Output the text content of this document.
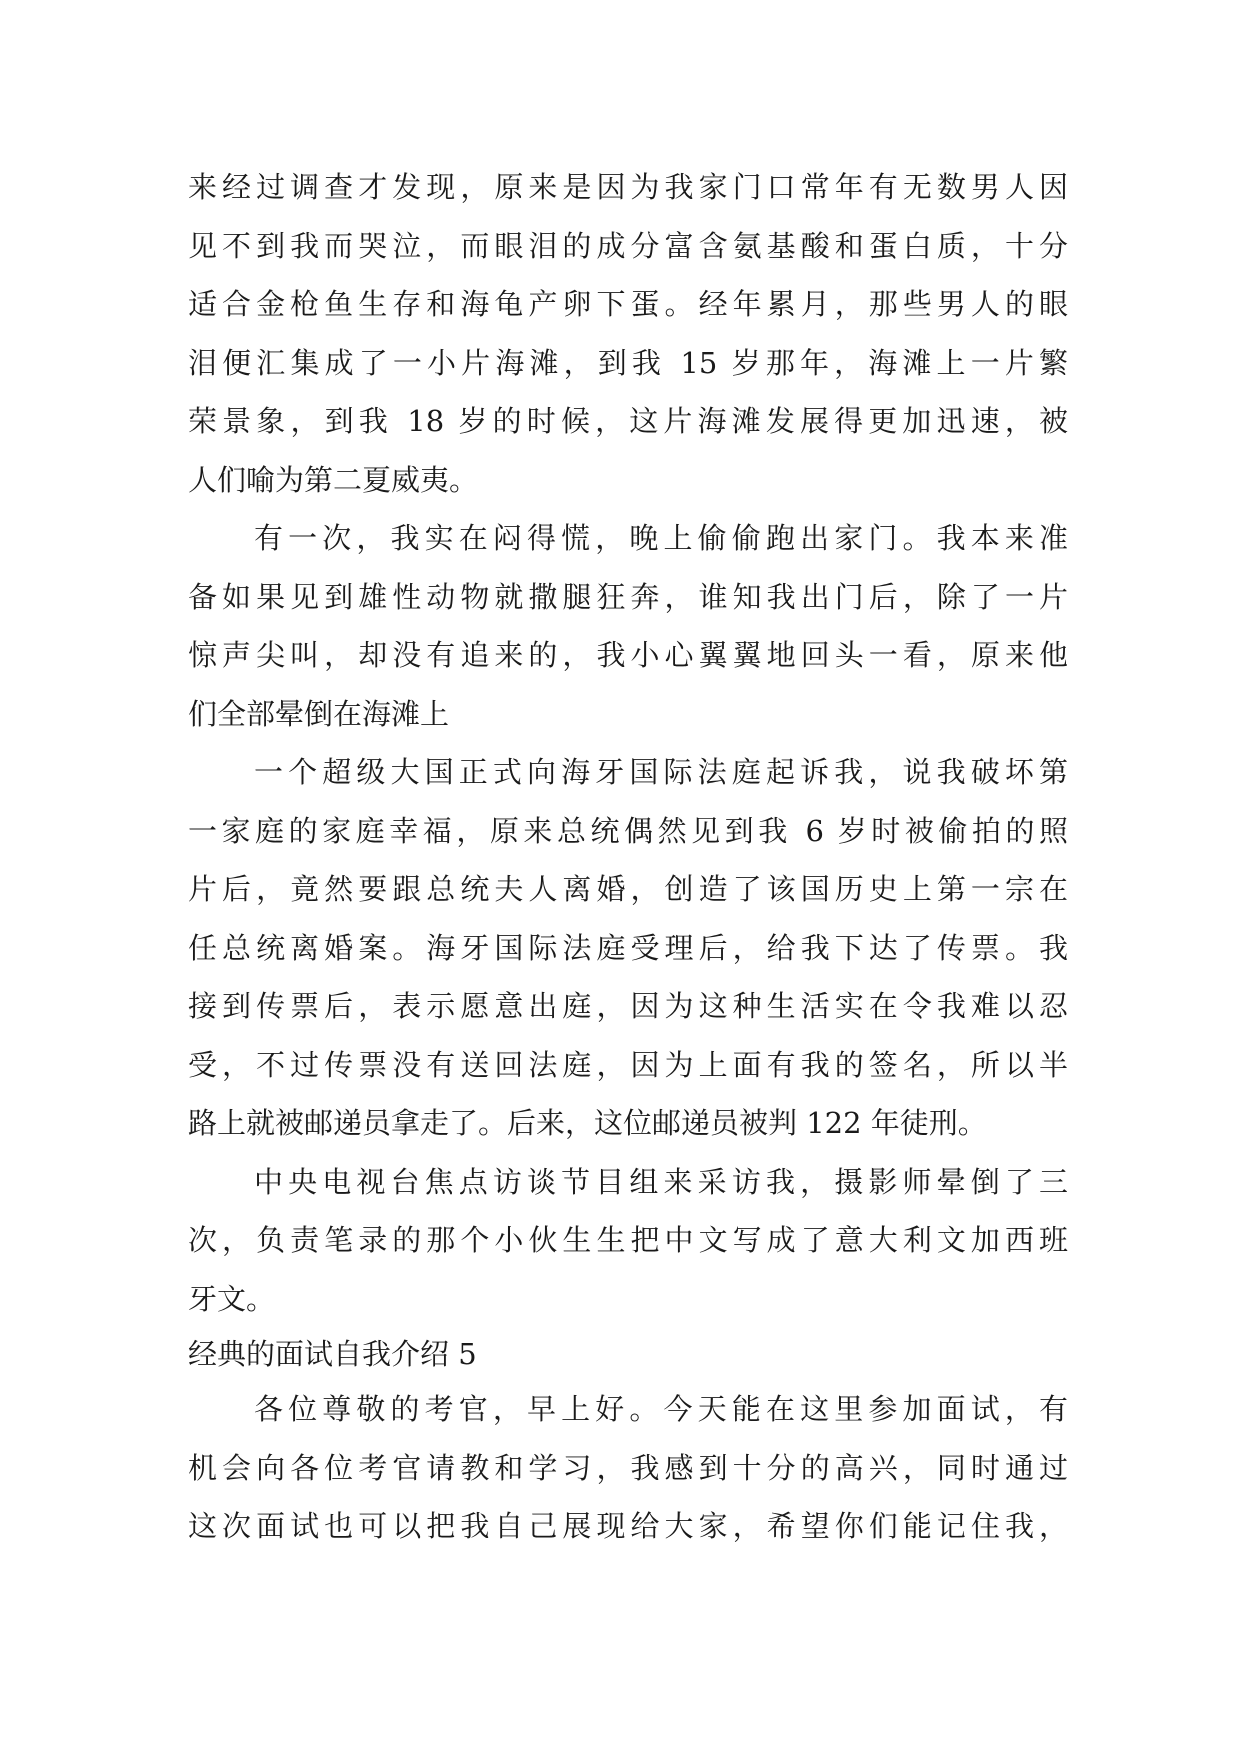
来经过调查才发现，原来是因为我家门口常年有无数男人因
见不到我而哭泣，而眼泪的成分富含氨基酸和蛋白质，十分
适合金枪鱼生存和海龟产卵下蛋。经年累月，那些男人的眼
泪便汇集成了一小片海滩，到我 15 岁那年，海滩上一片繁
荣景象，到我 18 岁的时候，这片海滩发展得更加迅速，被
人们喻为第二夏威夷。
有一次，我实在闷得慌，晚上偷偷跑出家门。我本来准
备如果见到雄性动物就撒腿狂奔，谁知我出门后，除了一片
惊声尖叫，却没有追来的，我小心翼翼地回头一看，原来他
们全部晕倒在海滩上
一个超级大国正式向海牙国际法庭起诉我，说我破坏第
一家庭的家庭幸福，原来总统偶然见到我 6 岁时被偷拍的照
片后，竟然要跟总统夫人离婚，创造了该国历史上第一宗在
任总统离婚案。海牙国际法庭受理后，给我下达了传票。我
接到传票后，表示愿意出庭，因为这种生活实在令我难以忍
受，不过传票没有送回法庭，因为上面有我的签名，所以半
路上就被邮递员拿走了。后来，这位邮递员被判 122 年徒刑。
中央电视台焦点访谈节目组来采访我，摄影师晕倒了三
次，负责笔录的那个小伙生生把中文写成了意大利文加西班
牙文。
经典的面试自我介绍 5
各位尊敬的考官，早上好。今天能在这里参加面试，有
机会向各位考官请教和学习，我感到十分的高兴，同时通过
这次面试也可以把我自己展现给大家，希望你们能记住我，
